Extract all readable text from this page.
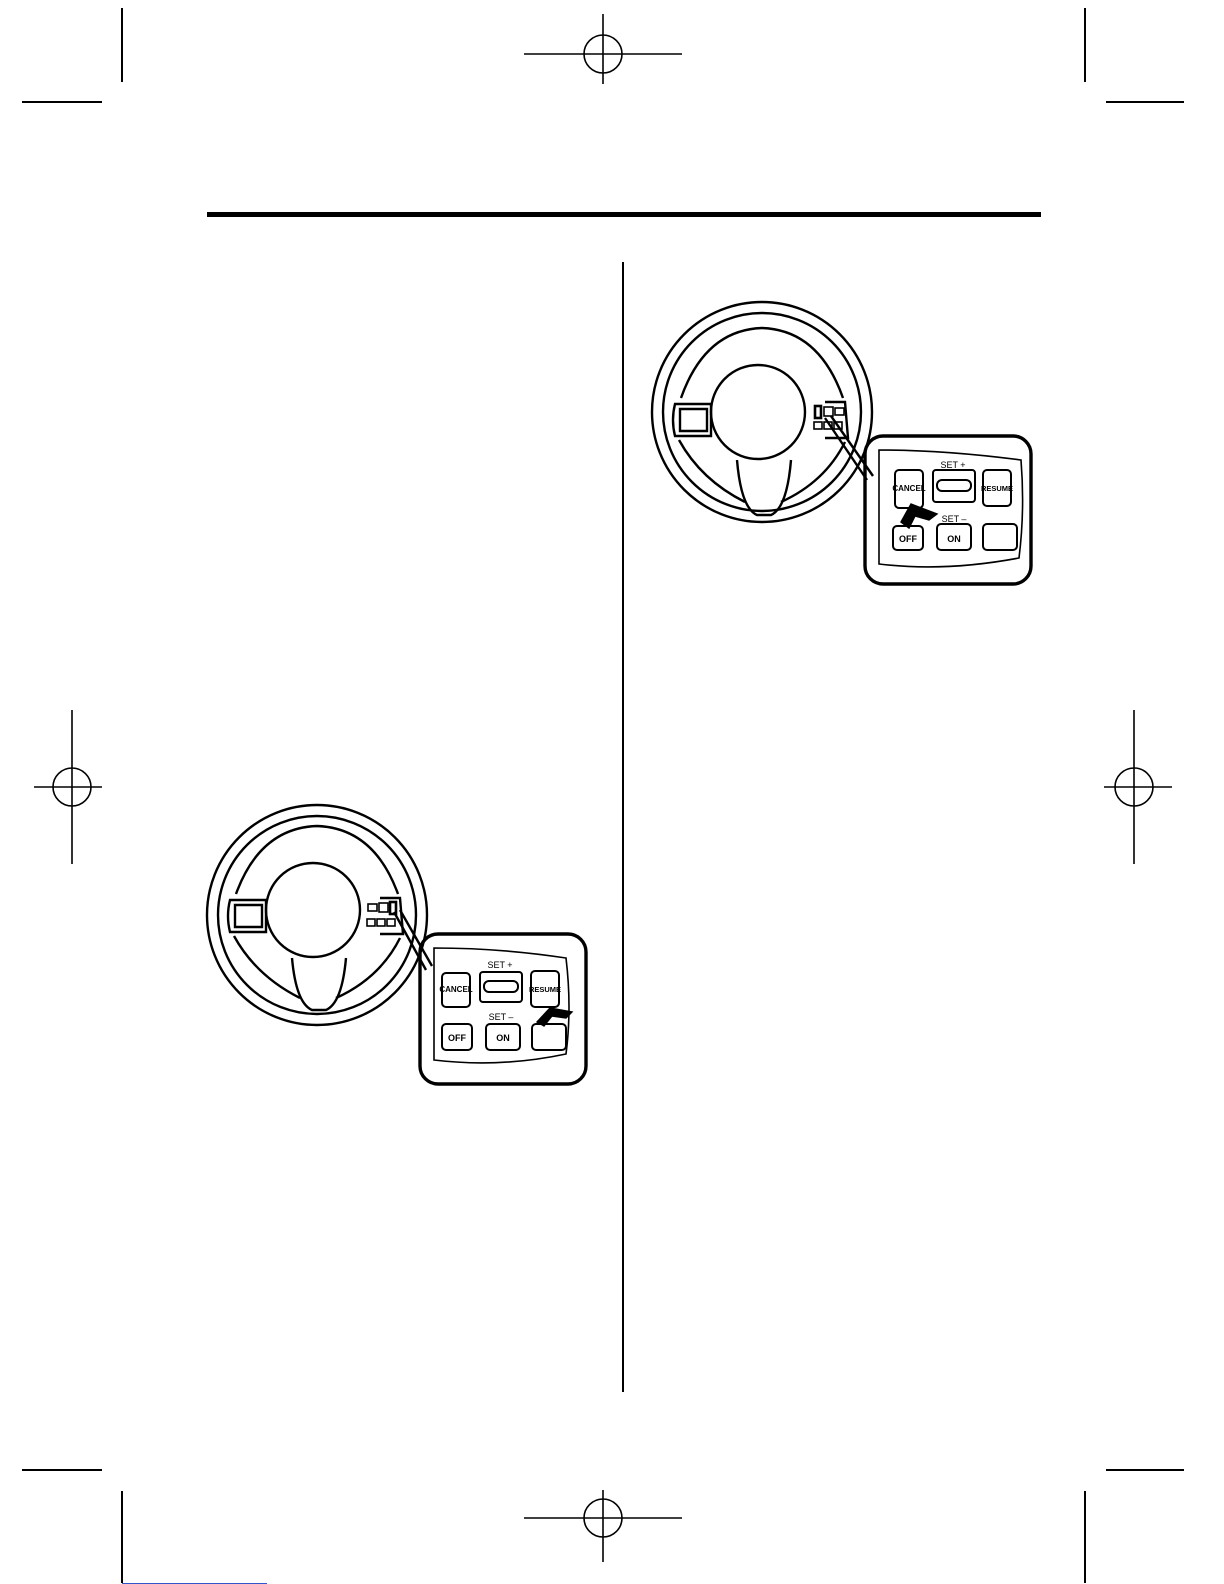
SET +
SET –
CANCEL	RESUME
OFF	ON
SET +
SET –
CANCEL	RESUME
OFF	ON
